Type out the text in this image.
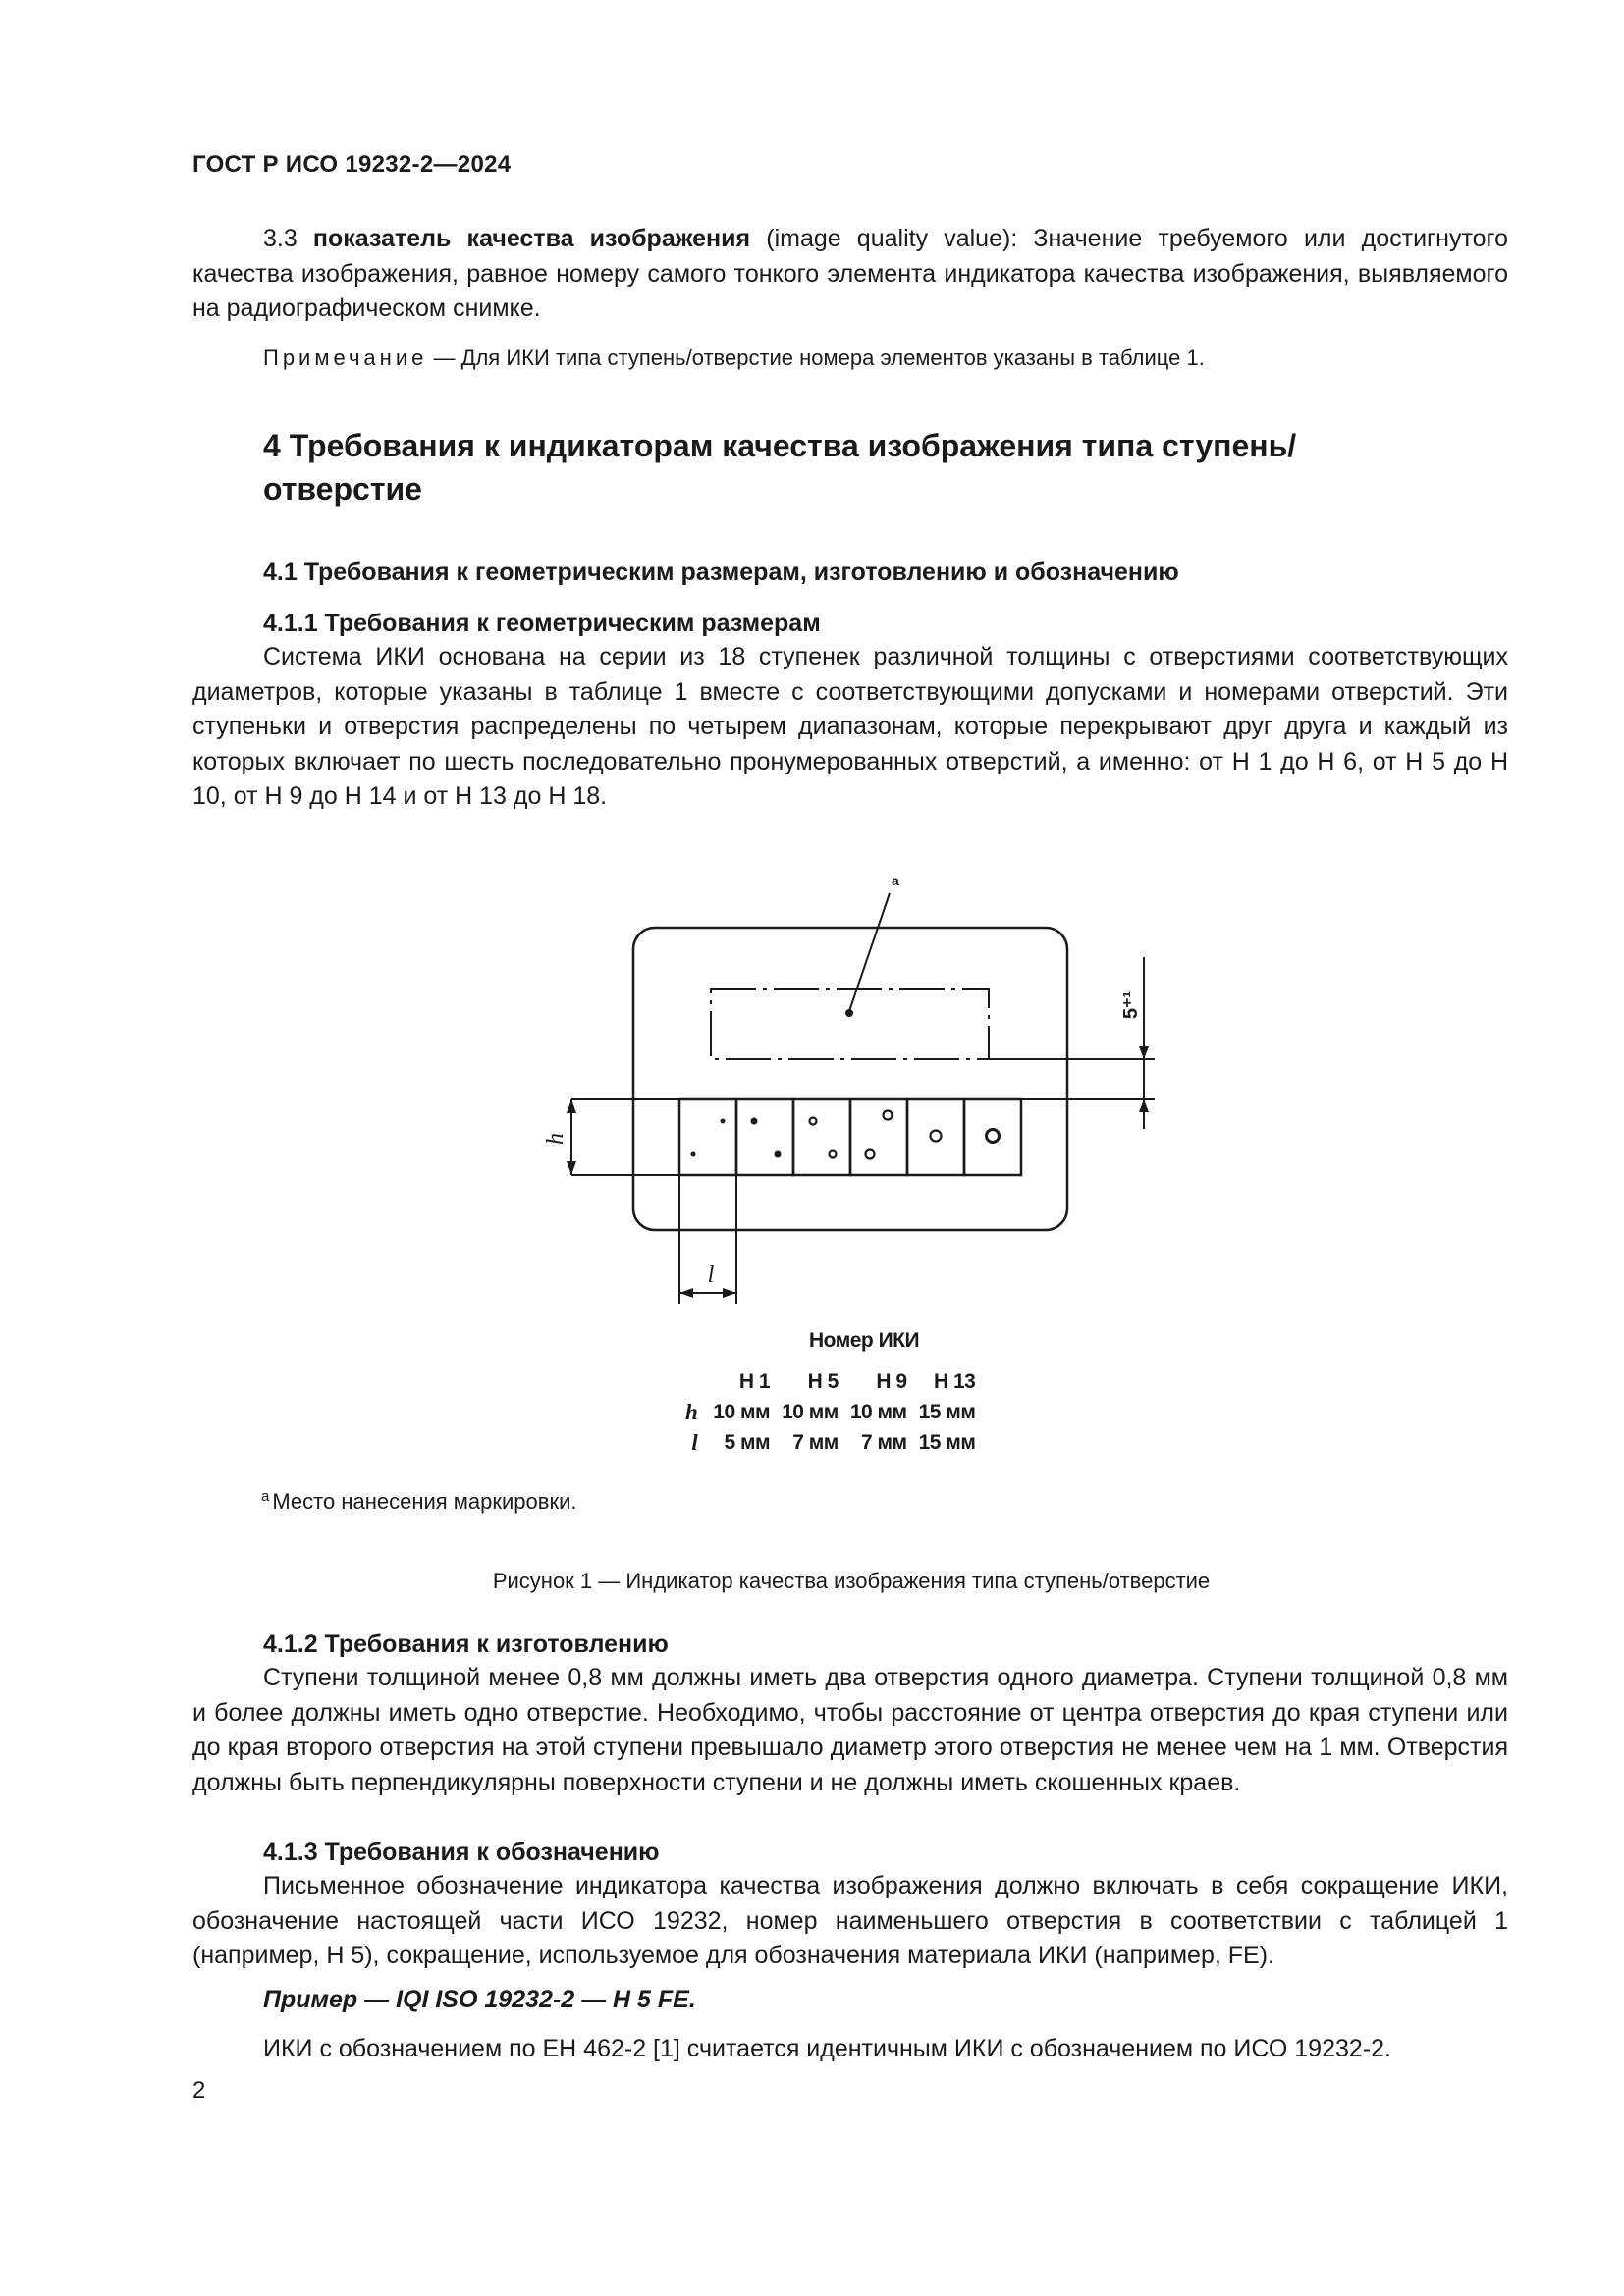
ГОСТ Р ИСО 19232-2—2024
3.3 показатель качества изображения (image quality value): Значение требуемого или достигнутого качества изображения, равное номеру самого тонкого элемента индикатора качества изображения, выявляемого на радиографическом снимке.
Примечание — Для ИКИ типа ступень/отверстие номера элементов указаны в таблице 1.
4 Требования к индикаторам качества изображения типа ступень/ отверстие
4.1 Требования к геометрическим размерам, изготовлению и обозначению
4.1.1 Требования к геометрическим размерам
Система ИКИ основана на серии из 18 ступенек различной толщины с отверстиями соответствующих диаметров, которые указаны в таблице 1 вместе с соответствующими допусками и номерами отверстий. Эти ступеньки и отверстия распределены по четырем диапазонам, которые перекрывают друг друга и каждый из которых включает по шесть последовательно пронумерованных отверстий, а именно: от Н 1 до Н 6, от Н 5 до Н 10, от Н 9 до Н 14 и от Н 13 до Н 18.
a
5⁺¹
h
l
Номер ИКИ
	Н 1	Н 5	Н 9	Н 13
h	10 мм	10 мм	10 мм	15 мм
l	5 мм	7 мм	7 мм	15 мм
$^a$ Место нанесения маркировки.
Рисунок 1 — Индикатор качества изображения типа ступень/отверстие
4.1.2 Требования к изготовлению
Ступени толщиной менее 0,8 мм должны иметь два отверстия одного диаметра. Ступени толщиной 0,8 мм и более должны иметь одно отверстие. Необходимо, чтобы расстояние от центра отверстия до края ступени или до края второго отверстия на этой ступени превышало диаметр этого отверстия не менее чем на 1 мм. Отверстия должны быть перпендикулярны поверхности ступени и не должны иметь скошенных краев.
4.1.3 Требования к обозначению
Письменное обозначение индикатора качества изображения должно включать в себя сокращение ИКИ, обозначение настоящей части ИСО 19232, номер наименьшего отверстия в соответствии с таблицей 1 (например, Н 5), сокращение, используемое для обозначения материала ИКИ (например, FE).
Пример — IQI ISO 19232-2 — H 5 FE.
ИКИ с обозначением по ЕН 462-2 [1] считается идентичным ИКИ с обозначением по ИСО 19232-2.
2
